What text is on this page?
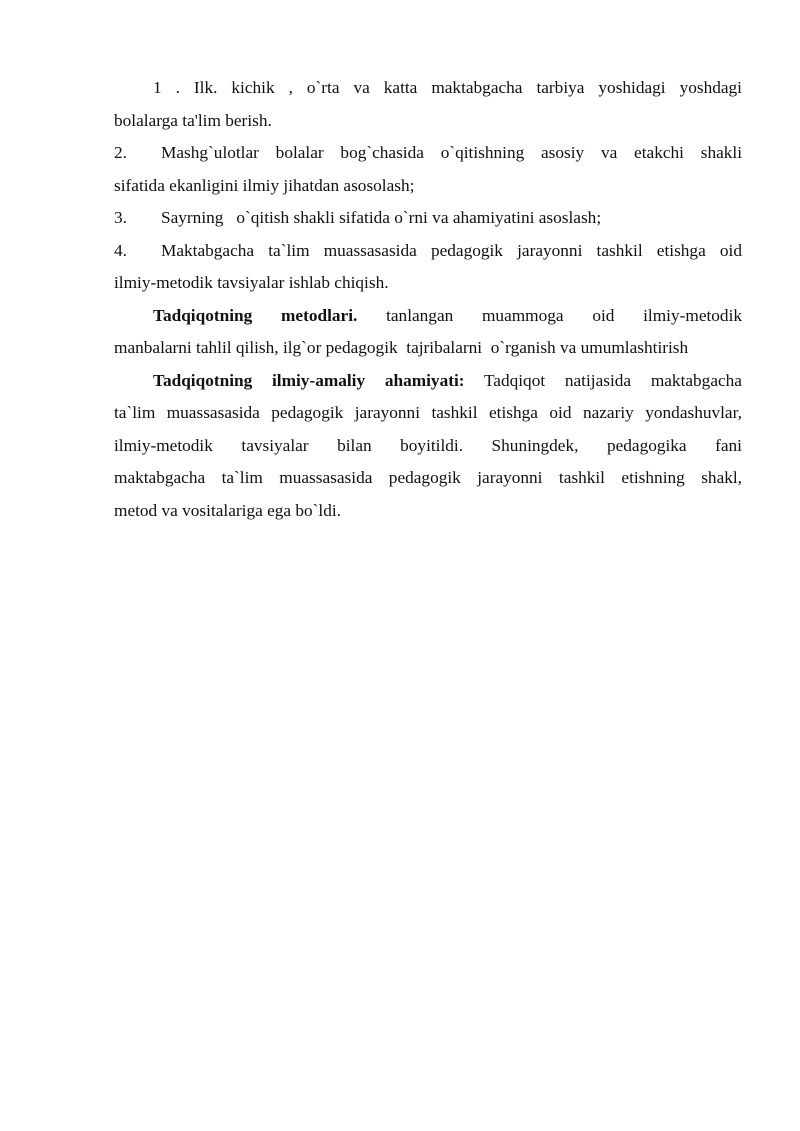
1 . Ilk. kichik , o`rta va katta maktabgacha tarbiya yoshidagi yoshdagi
bolalarga ta'lim berish.
2.	Mashg`ulotlar bolalar bog`chasida o`qitishning asosiy va etakchi shakli
sifatida ekanligini ilmiy jihatdan asosolash;
3.	Sayrning   o`qitish shakli sifatida o`rni va ahamiyatini asoslash;
4.	Maktabgacha ta`lim muassasasida pedagogik jarayonni tashkil etishga oid
ilmiy-metodik tavsiyalar ishlab chiqish.
Tadqiqotning metodlari. tanlangan muammoga oid ilmiy-metodik
manbalarni tahlil qilish, ilg`or pedagogik  tajribalarni  o`rganish va umumlashtirish
Tadqiqotning ilmiy-amaliy ahamiyati: Tadqiqot natijasida maktabgacha
ta`lim muassasasida pedagogik jarayonni tashkil etishga oid nazariy yondashuvlar,
ilmiy-metodik tavsiyalar bilan boyitildi. Shuningdek, pedagogika fani
maktabgacha ta`lim muassasasida pedagogik jarayonni tashkil etishning shakl,
metod va vositalariga ega bo`ldi.
